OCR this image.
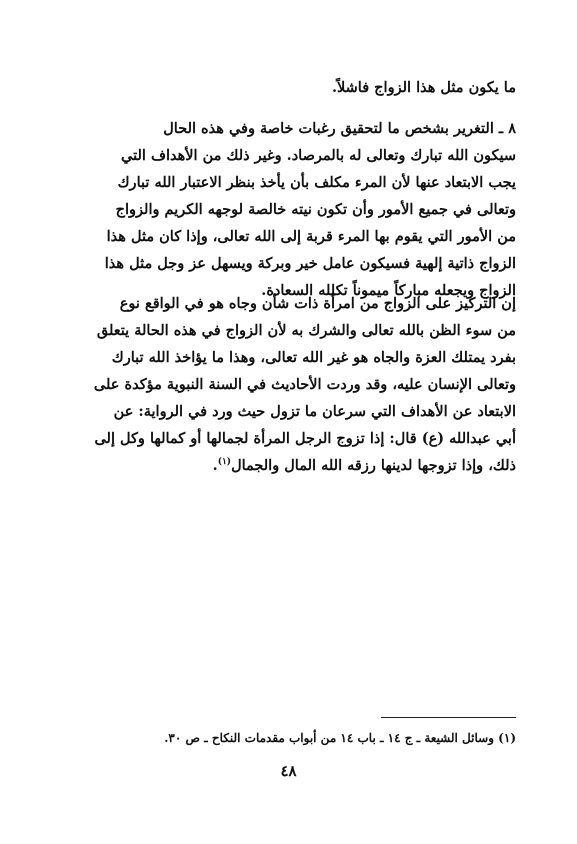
ما يكون مثل هذا الزواج فاشلاً.
٨ ـ التغرير بشخص ما لتحقيق رغبات خاصة وفي هذه الحال
سيكون الله تبارك وتعالى له بالمرصاد. وغير ذلك من الأهداف التي
يجب الابتعاد عنها لأن المرء مكلف بأن يأخذ بنظر الاعتبار الله تبارك
وتعالى في جميع الأمور وأن تكون نيته خالصة لوجهه الكريم والزواج
من الأمور التي يقوم بها المرء قربة إلى الله تعالى، وإذا كان مثل هذا
الزواج ذاتية إلهية فسيكون عامل خير وبركة ويسهل عز وجل مثل هذا
الزواج ويجعله مباركاً ميموناً تكلله السعادة.
إن التركيز على الزواج من امرأة ذات شأن وجاه هو في الواقع نوع
من سوء الظن بالله تعالى والشرك به لأن الزواج في هذه الحالة يتعلق
بفرد يمتلك العزة والجاه هو غير الله تعالى، وهذا ما يؤاخذ الله تبارك
وتعالى الإنسان عليه، وقد وردت الأحاديث في السنة النبوية مؤكدة على
الابتعاد عن الأهداف التي سرعان ما تزول حيث ورد في الرواية: عن
أبي عبدالله (ع) قال: إذا تزوج الرجل المرأة لجمالها أو كمالها وكل إلى
ذلك، وإذا تزوجها لدينها رزقه الله المال والجمال$^{(١)}$.
(١) وسائل الشيعة ـ ج ١٤ ـ باب ١٤ من أبواب مقدمات النكاح ـ ص ٣٠.
٤٨
